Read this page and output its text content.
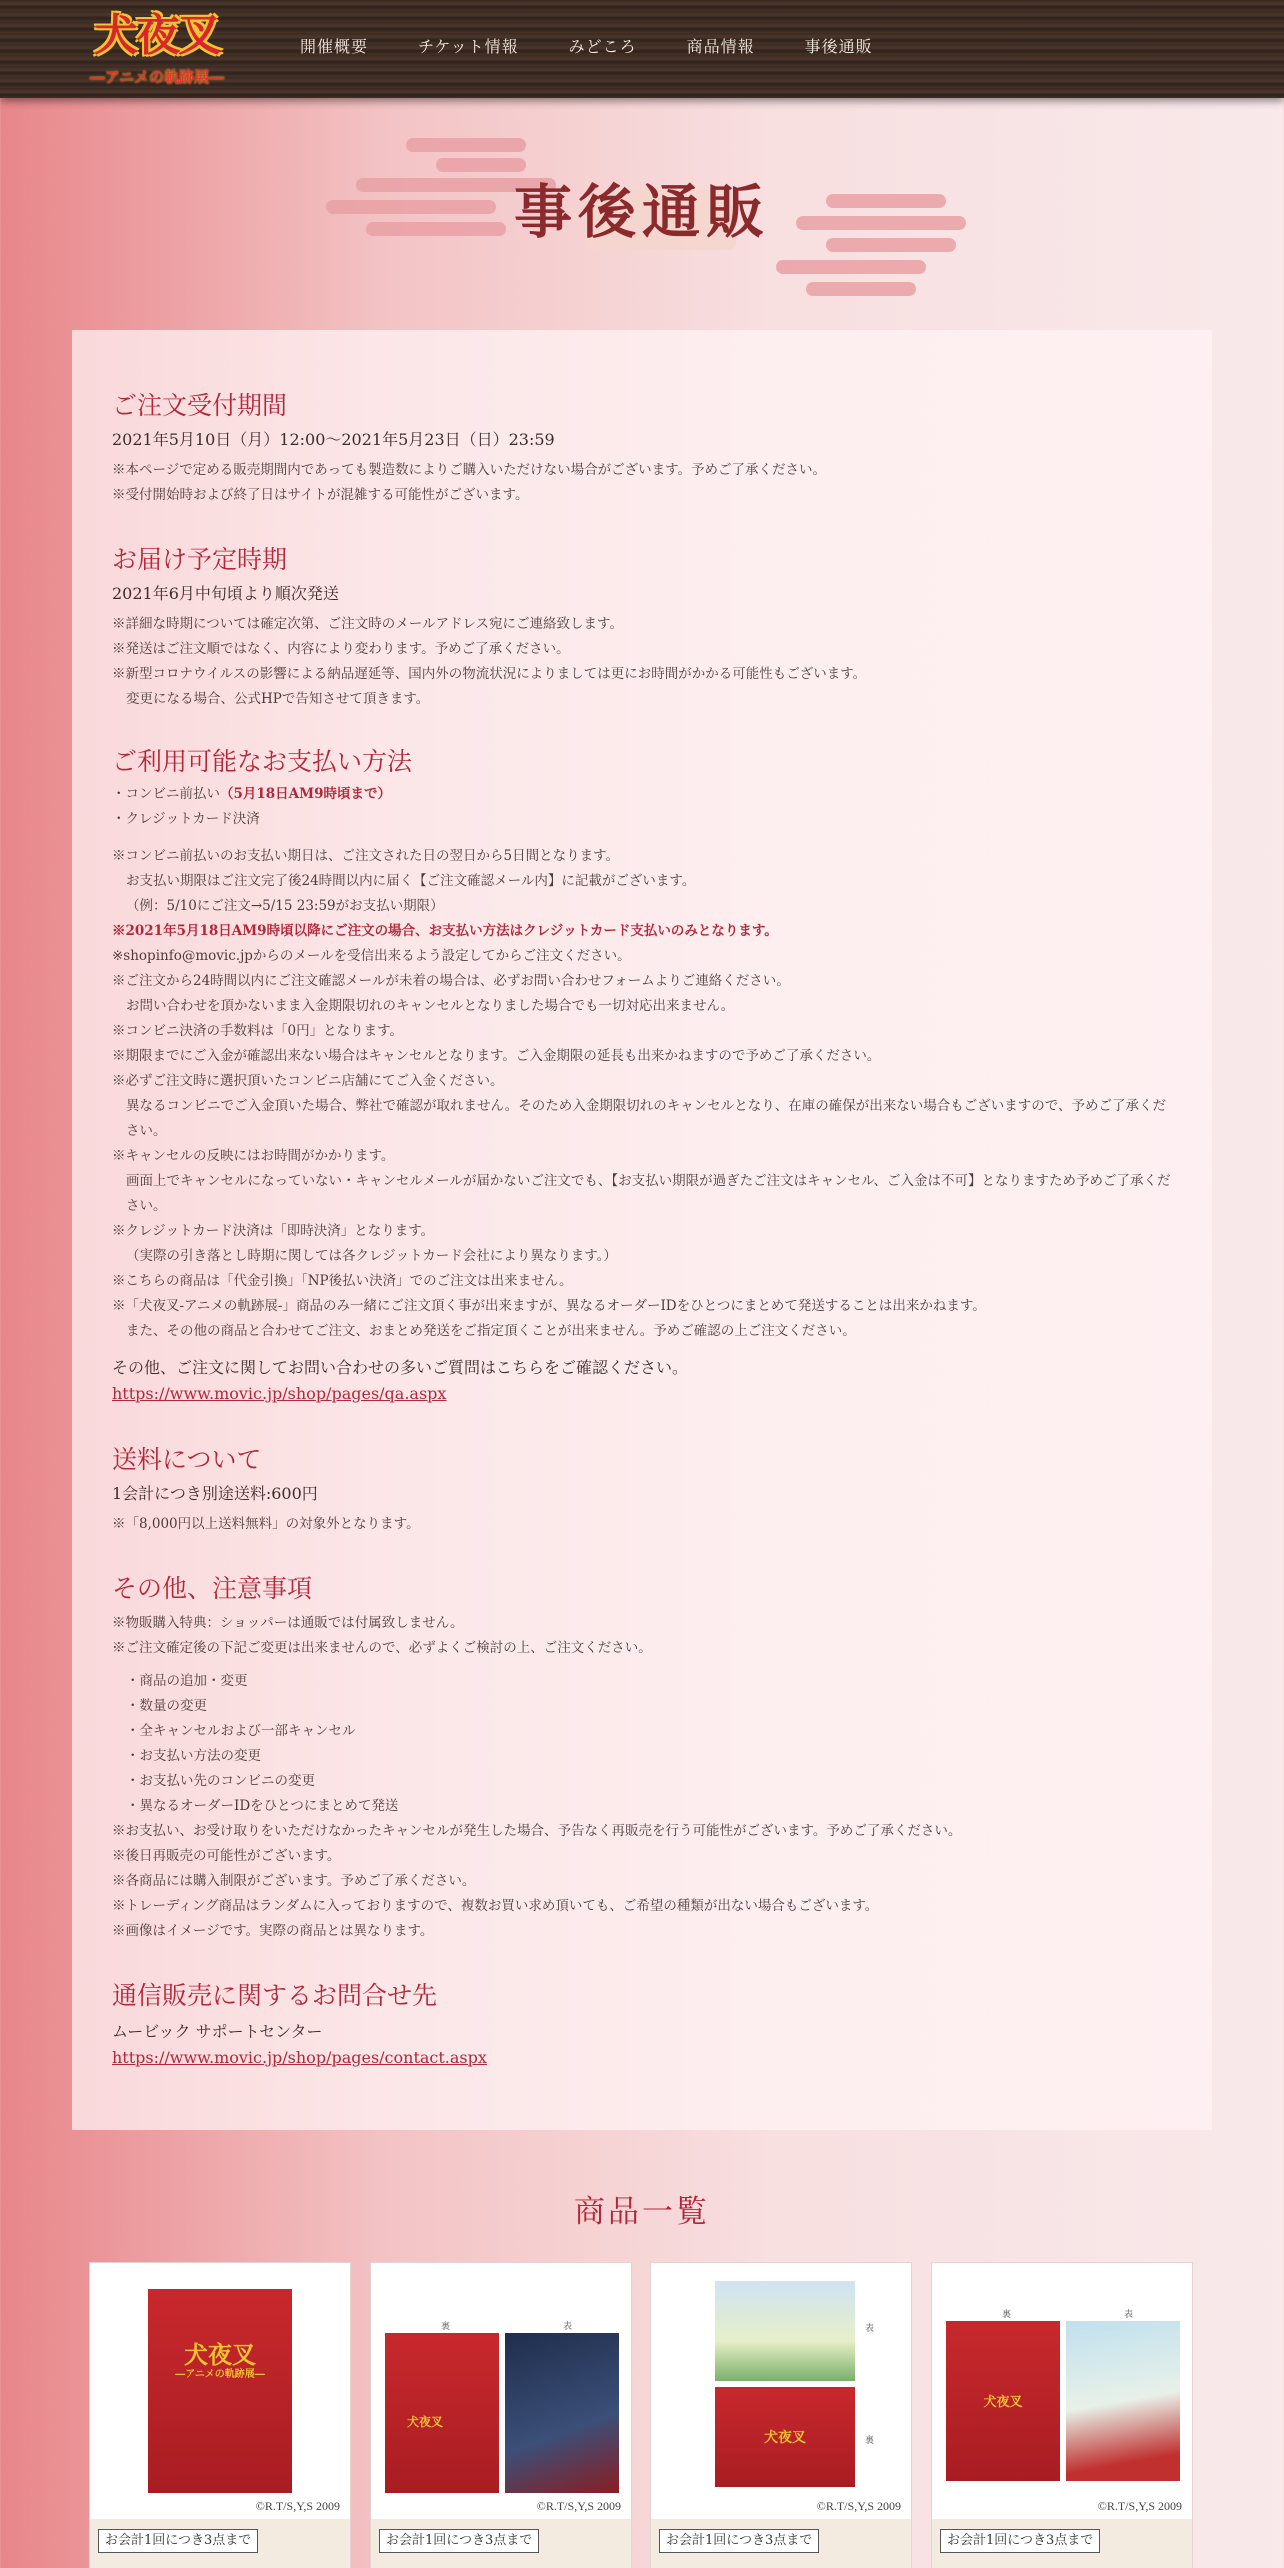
犬夜叉
―アニメの軌跡展―
開催概要	チケット情報	みどころ	商品情報	事後通販
事後通販
ご注文受付期間

2021年5月10日（月）12:00〜2021年5月23日（日）23:59

※本ページで定める販売期間内であっても製造数によりご購入いただけない場合がございます。予めご了承ください。

※受付開始時および終了日はサイトが混雑する可能性がございます。

お届け予定時期

2021年6月中旬頃より順次発送

※詳細な時期については確定次第、ご注文時のメールアドレス宛にご連絡致します。

※発送はご注文順ではなく、内容により変わります。予めご了承ください。

※新型コロナウイルスの影響による納品遅延等、国内外の物流状況によりましては更にお時間がかかる可能性もございます。

変更になる場合、公式HPで告知させて頂きます。

ご利用可能なお支払い方法

・コンビニ前払い（5月18日AM9時頃まで）

・クレジットカード決済

※コンビニ前払いのお支払い期日は、ご注文された日の翌日から5日間となります。

お支払い期限はご注文完了後24時間以内に届く【ご注文確認メール内】に記載がございます。

（例：5/10にご注文→5/15 23:59がお支払い期限）

※2021年5月18日AM9時頃以降にご注文の場合、お支払い方法はクレジットカード支払いのみとなります。

※shopinfo@movic.jpからのメールを受信出来るよう設定してからご注文ください。

※ご注文から24時間以内にご注文確認メールが未着の場合は、必ずお問い合わせフォームよりご連絡ください。

お問い合わせを頂かないまま入金期限切れのキャンセルとなりました場合でも一切対応出来ません。

※コンビニ決済の手数料は「0円」となります。

※期限までにご入金が確認出来ない場合はキャンセルとなります。ご入金期限の延長も出来かねますので予めご了承ください。

※必ずご注文時に選択頂いたコンビニ店舗にてご入金ください。

異なるコンビニでご入金頂いた場合、弊社で確認が取れません。そのため入金期限切れのキャンセルとなり、在庫の確保が出来ない場合もございますので、予めご了承ください。

※キャンセルの反映にはお時間がかかります。

画面上でキャンセルになっていない・キャンセルメールが届かないご注文でも、【お支払い期限が過ぎたご注文はキャンセル、ご入金は不可】となりますため予めご了承ください。

※クレジットカード決済は「即時決済」となります。

（実際の引き落とし時期に関しては各クレジットカード会社により異なります。）

※こちらの商品は「代金引換」「NP後払い決済」でのご注文は出来ません。

※「犬夜叉-アニメの軌跡展-」商品のみ一緒にご注文頂く事が出来ますが、異なるオーダーIDをひとつにまとめて発送することは出来かねます。

また、その他の商品と合わせてご注文、おまとめ発送をご指定頂くことが出来ません。予めご確認の上ご注文ください。

その他、ご注文に関してお問い合わせの多いご質問はこちらをご確認ください。

https://www.movic.jp/shop/pages/qa.aspx
送料について

1会計につき別途送料:600円

※「8,000円以上送料無料」の対象外となります。

その他、注意事項

※物販購入特典：ショッパーは通販では付属致しません。

※ご注文確定後の下記ご変更は出来ませんので、必ずよくご検討の上、ご注文ください。

・商品の追加・変更
・数量の変更
・全キャンセルおよび一部キャンセル
・お支払い方法の変更
・お支払い先のコンビニの変更
・異なるオーダーIDをひとつにまとめて発送

※お支払い、お受け取りをいただけなかったキャンセルが発生した場合、予告なく再販売を行う可能性がございます。予めご了承ください。

※後日再販売の可能性がございます。

※各商品には購入制限がございます。予めご了承ください。

※トレーディング商品はランダムに入っておりますので、複数お買い求め頂いても、ご希望の種類が出ない場合もございます。

※画像はイメージです。実際の商品とは異なります。

通信販売に関するお問合せ先

ムービック サポートセンター

https://www.movic.jp/shop/pages/contact.aspx
商品一覧
犬夜叉
―アニメの軌跡展―
©R.T/S,Y,S 2009
お会計1回につき3点まで
裏	表
犬夜叉
©R.T/S,Y,S 2009
お会計1回につき3点まで
表
犬夜叉	裏
©R.T/S,Y,S 2009
お会計1回につき3点まで
裏	表
犬夜叉
©R.T/S,Y,S 2009
お会計1回につき3点まで
